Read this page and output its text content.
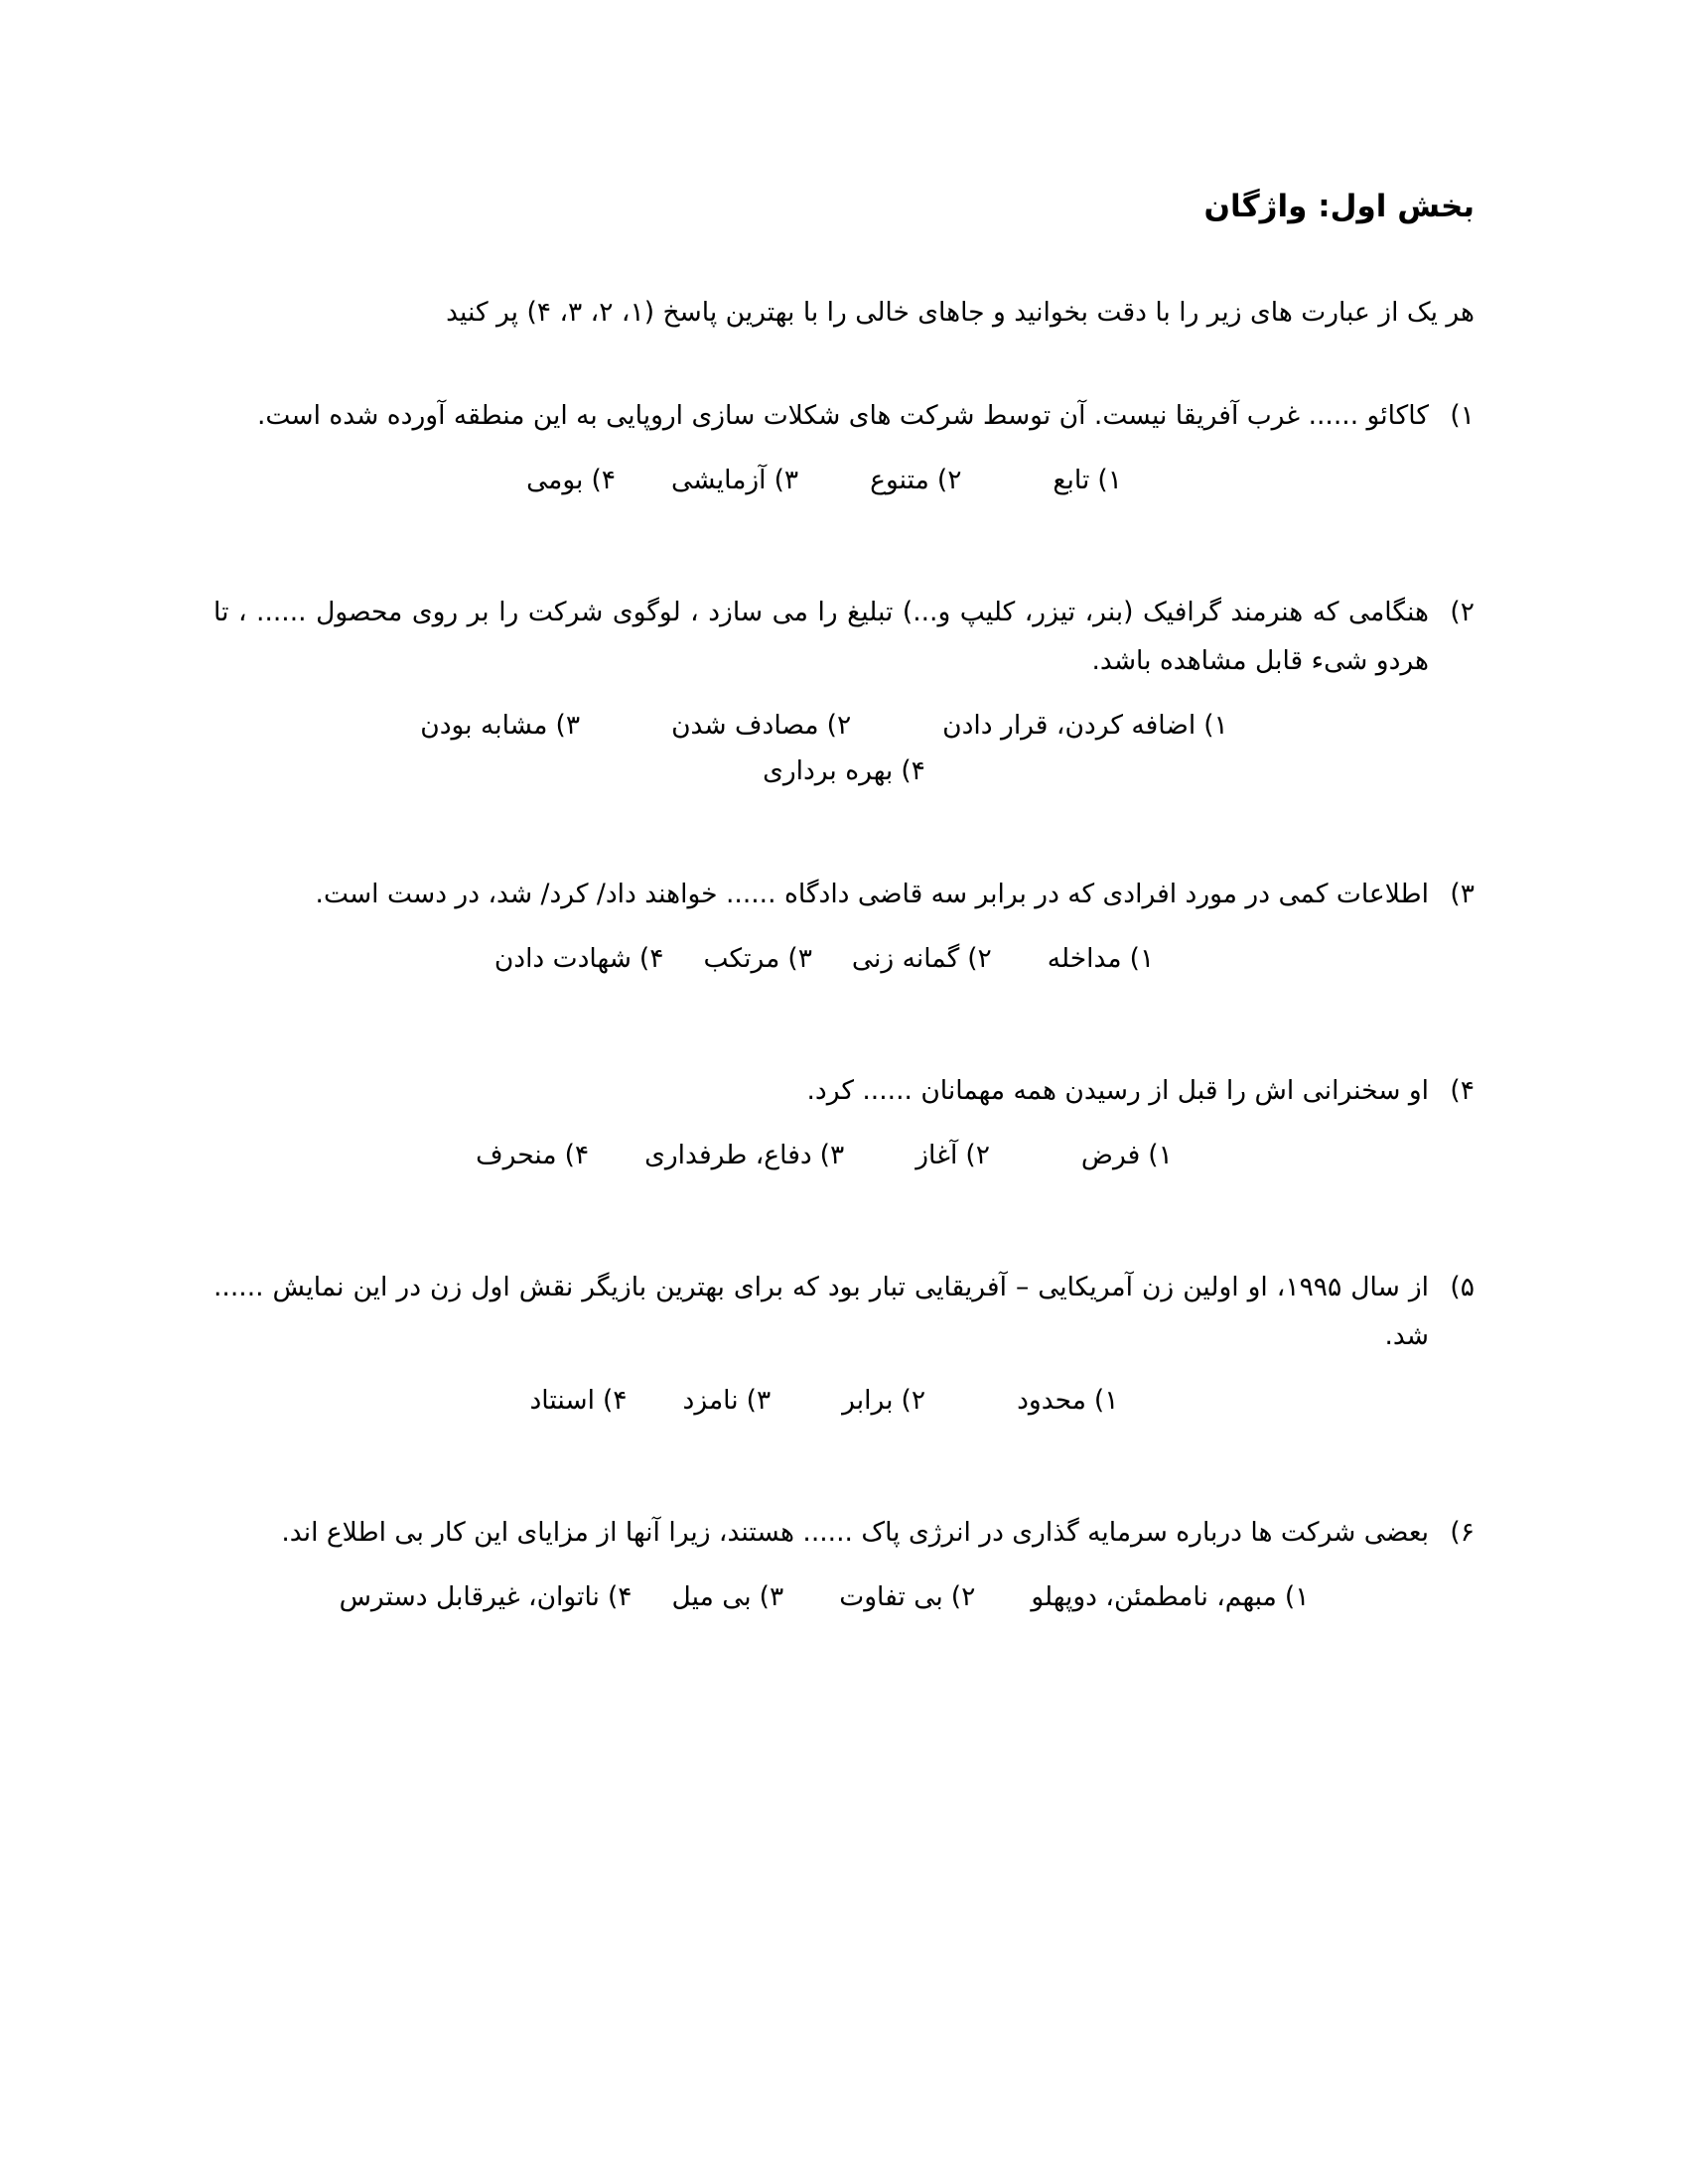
بخش اول: واژگان

هر یک از عبارت های زیر را با دقت بخوانید و جاهای خالی را با بهترین پاسخ (۱، ۲، ۳، ۴) پر کنید

۱)
کاکائو ...... غرب آفریقا نیست. آن توسط شرکت های شکلات سازی اروپایی به این منطقه آورده شده است.
۱)تابع
۲)متنوع
۳)آزمایشی
۴)بومی
۲)
هنگامی که هنرمند گرافیک (بنر، تیزر، کلیپ و...) تبلیغ را می سازد ، لوگوی شرکت را بر روی محصول ...... ، تا هردو شیء قابل مشاهده باشد.
۱)اضافه کردن، قرار دادن
۲)مصادف شدن
۳)مشابه بودن
۴)بهره برداری
۳)
اطلاعات کمی در مورد افرادی که در برابر سه قاضی دادگاه ...... خواهند داد/ کرد/ شد، در دست است.
۱)مداخله
۲)گمانه زنی
۳)مرتکب
۴)شهادت دادن
۴)
او سخنرانی اش را قبل از رسیدن همه مهمانان ...... کرد.
۱)فرض
۲)آغاز
۳)دفاع، طرفداری
۴)منحرف
۵)
از سال ۱۹۹۵، او اولین زن آمریکایی – آفریقایی تبار بود که برای بهترین بازیگر نقش اول زن در این نمایش ...... شد.
۱)محدود
۲)برابر
۳)نامزد
۴)اسنتاد
۶)
بعضی شرکت ها درباره سرمایه گذاری در انرژی پاک ...... هستند، زیرا آنها از مزایای این کار بی اطلاع اند.
۱)مبهم، نامطمئن، دوپهلو
۲)بی تفاوت
۳)بی میل
۴)ناتوان، غیرقابل دسترس
